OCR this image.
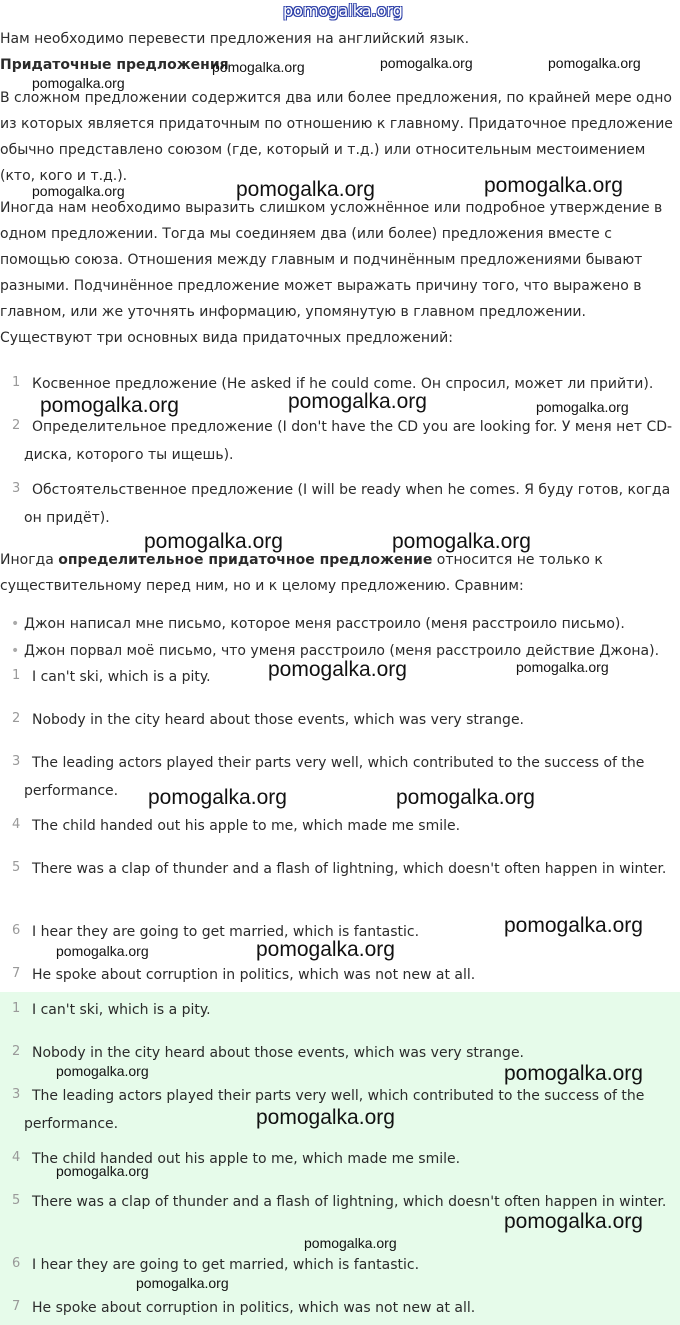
pomogalka.org

Нам необходимо перевести предложения на английский язык.

Придаточные предложения

В сложном предложении содержится два или более предложения, по крайней мере одно из которых является придаточным по отношению к главному. Придаточное предложение обычно представлено союзом (где, который и т.д.) или относительным местоимением (кто, кого и т.д.).

Иногда нам необходимо выразить слишком усложнённое или подробное утверждение в одном предложении. Тогда мы соединяем два (или более) предложения вместе с помощью союза. Отношения между главным и подчинённым предложениями бывают разными. Подчинённое предложение может выражать причину того, что выражено в главном, или же уточнять информацию, упомянутую в главном предложении. Существуют три основных вида придаточных предложений:

1 Косвенное предложение (He asked if he could come. Он спросил, может ли прийти).
2 Определительное предложение (I don't have the CD you are looking for. У меня нет CD-диска, которого ты ищешь).
3 Обстоятельственное предложение (I will be ready when he comes. Я буду готов, когда он придёт).

Иногда определительное придаточное предложение относится не только к существительному перед ним, но и к целому предложению. Сравним:

• Джон написал мне письмо, которое меня расстроило (меня расстроило письмо).
• Джон порвал моё письмо, что уменя расстроило (меня расстроило действие Джона).
1 I can't ski, which is a pity.
2 Nobody in the city heard about those events, which was very strange.
3 The leading actors played their parts very well, which contributed to the success of the performance.
4 The child handed out his apple to me, which made me smile.
5 There was a clap of thunder and a flash of lightning, which doesn't often happen in winter.
6 I hear they are going to get married, which is fantastic.
7 He spoke about corruption in politics, which was not new at all.
1 I can't ski, which is a pity.
2 Nobody in the city heard about those events, which was very strange.
3 The leading actors played their parts very well, which contributed to the success of the performance.
4 The child handed out his apple to me, which made me smile.
5 There was a clap of thunder and a flash of lightning, which doesn't often happen in winter.
6 I hear they are going to get married, which is fantastic.
7 He spoke about corruption in politics, which was not new at all.
pomogalka.org	pomogalka.org	pomogalka.org
pomogalka.org
pomogalka.org	pomogalka.org	pomogalka.org
pomogalka.org	pomogalka.org	pomogalka.org
pomogalka.org	pomogalka.org
pomogalka.org	pomogalka.org
pomogalka.org	pomogalka.org
pomogalka.org
pomogalka.org	pomogalka.org
pomogalka.org	pomogalka.org
pomogalka.org
pomogalka.org
pomogalka.org
pomogalka.org
pomogalka.org
